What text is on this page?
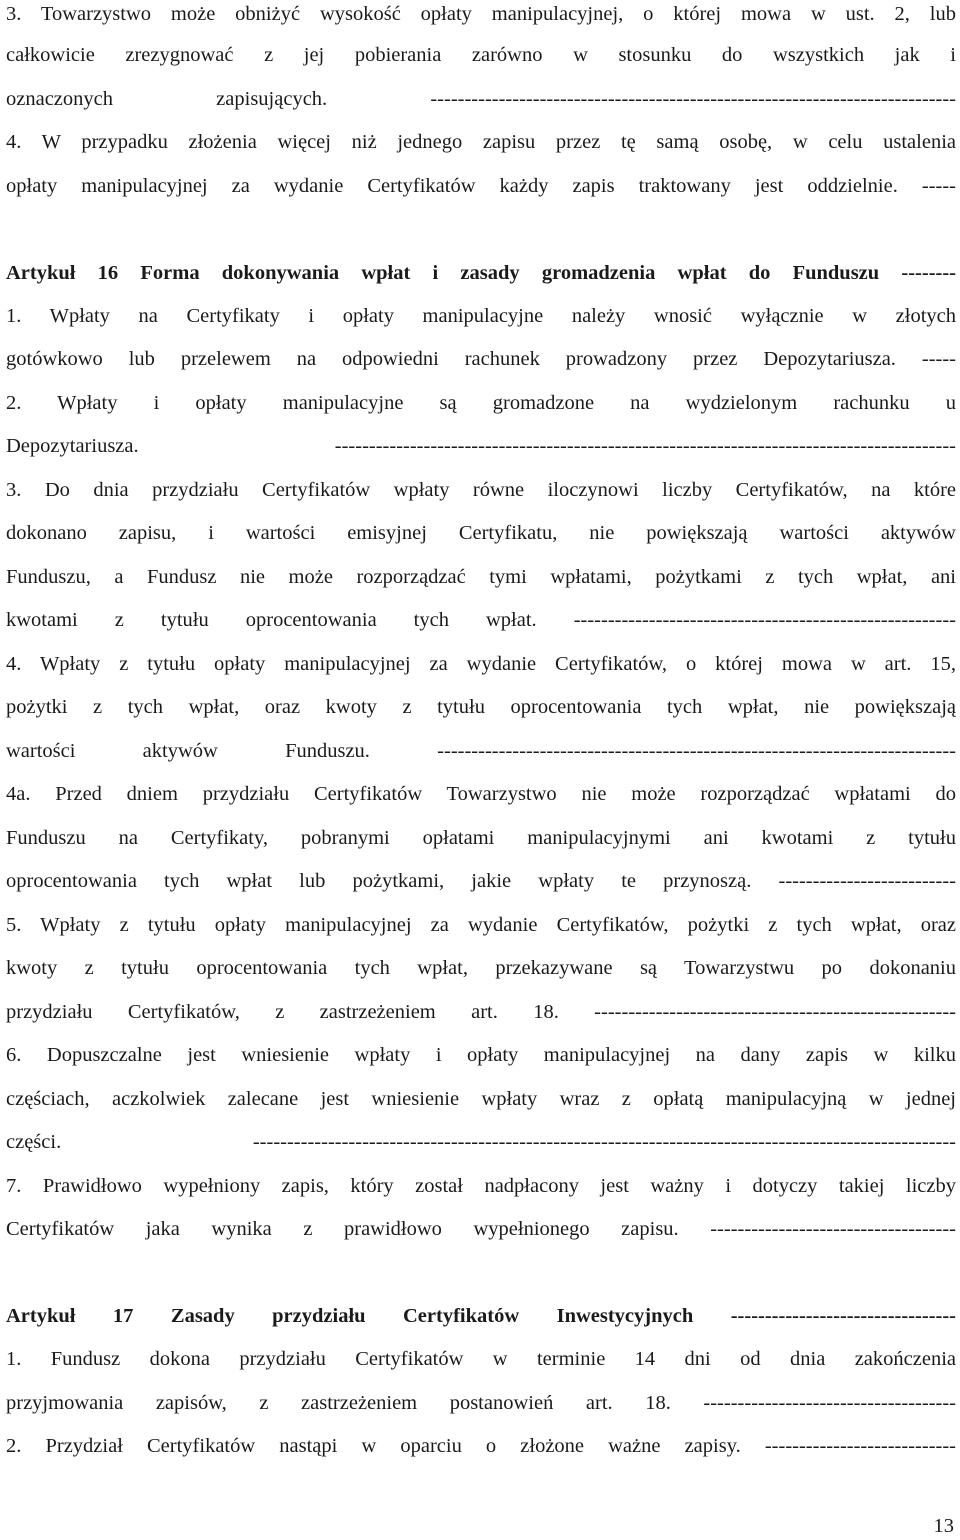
3. Towarzystwo może obniżyć wysokość opłaty manipulacyjnej, o której mowa w ust. 2, lub
całkowicie zrezygnować z jej pobierania zarówno w stosunku do wszystkich jak i
oznaczonych zapisujących. -----------------------------------------------------------------------------
4. W przypadku złożenia więcej niż jednego zapisu przez tę samą osobę, w celu ustalenia
opłaty manipulacyjnej za wydanie Certyfikatów każdy zapis traktowany jest oddzielnie. -----
Artykuł 16 Forma dokonywania wpłat i zasady gromadzenia wpłat do Funduszu --------
1. Wpłaty na Certyfikaty i opłaty manipulacyjne należy wnosić wyłącznie w złotych
gotówkowo lub przelewem na odpowiedni rachunek prowadzony przez Depozytariusza. -----
2. Wpłaty i opłaty manipulacyjne są gromadzone na wydzielonym rachunku u
Depozytariusza. -------------------------------------------------------------------------------------------
3. Do dnia przydziału Certyfikatów wpłaty równe iloczynowi liczby Certyfikatów, na które
dokonano zapisu, i wartości emisyjnej Certyfikatu, nie powiększają wartości aktywów
Funduszu, a Fundusz nie może rozporządzać tymi wpłatami, pożytkami z tych wpłat, ani
kwotami z tytułu oprocentowania tych wpłat. --------------------------------------------------------
4. Wpłaty z tytułu opłaty manipulacyjnej za wydanie Certyfikatów, o której mowa w art. 15,
pożytki z tych wpłat, oraz kwoty z tytułu oprocentowania tych wpłat, nie powiększają
wartości aktywów Funduszu. ----------------------------------------------------------------------------
4a. Przed dniem przydziału Certyfikatów Towarzystwo nie może rozporządzać wpłatami do
Funduszu na Certyfikaty, pobranymi opłatami manipulacyjnymi ani kwotami z tytułu
oprocentowania tych wpłat lub pożytkami, jakie wpłaty te przynoszą. --------------------------
5. Wpłaty z tytułu opłaty manipulacyjnej za wydanie Certyfikatów, pożytki z tych wpłat, oraz
kwoty z tytułu oprocentowania tych wpłat, przekazywane są Towarzystwu po dokonaniu
przydziału Certyfikatów, z zastrzeżeniem art. 18. -----------------------------------------------------
6. Dopuszczalne jest wniesienie wpłaty i opłaty manipulacyjnej na dany zapis w kilku
częściach, aczkolwiek zalecane jest wniesienie wpłaty wraz z opłatą manipulacyjną w jednej
części. -------------------------------------------------------------------------------------------------------
7. Prawidłowo wypełniony zapis, który został nadpłacony jest ważny i dotyczy takiej liczby
Certyfikatów jaka wynika z prawidłowo wypełnionego zapisu. ------------------------------------
Artykuł 17 Zasady przydziału Certyfikatów Inwestycyjnych ---------------------------------
1. Fundusz dokona przydziału Certyfikatów w terminie 14 dni od dnia zakończenia
przyjmowania zapisów, z zastrzeżeniem postanowień art. 18. -------------------------------------
2. Przydział Certyfikatów nastąpi w oparciu o złożone ważne zapisy. ----------------------------
13
